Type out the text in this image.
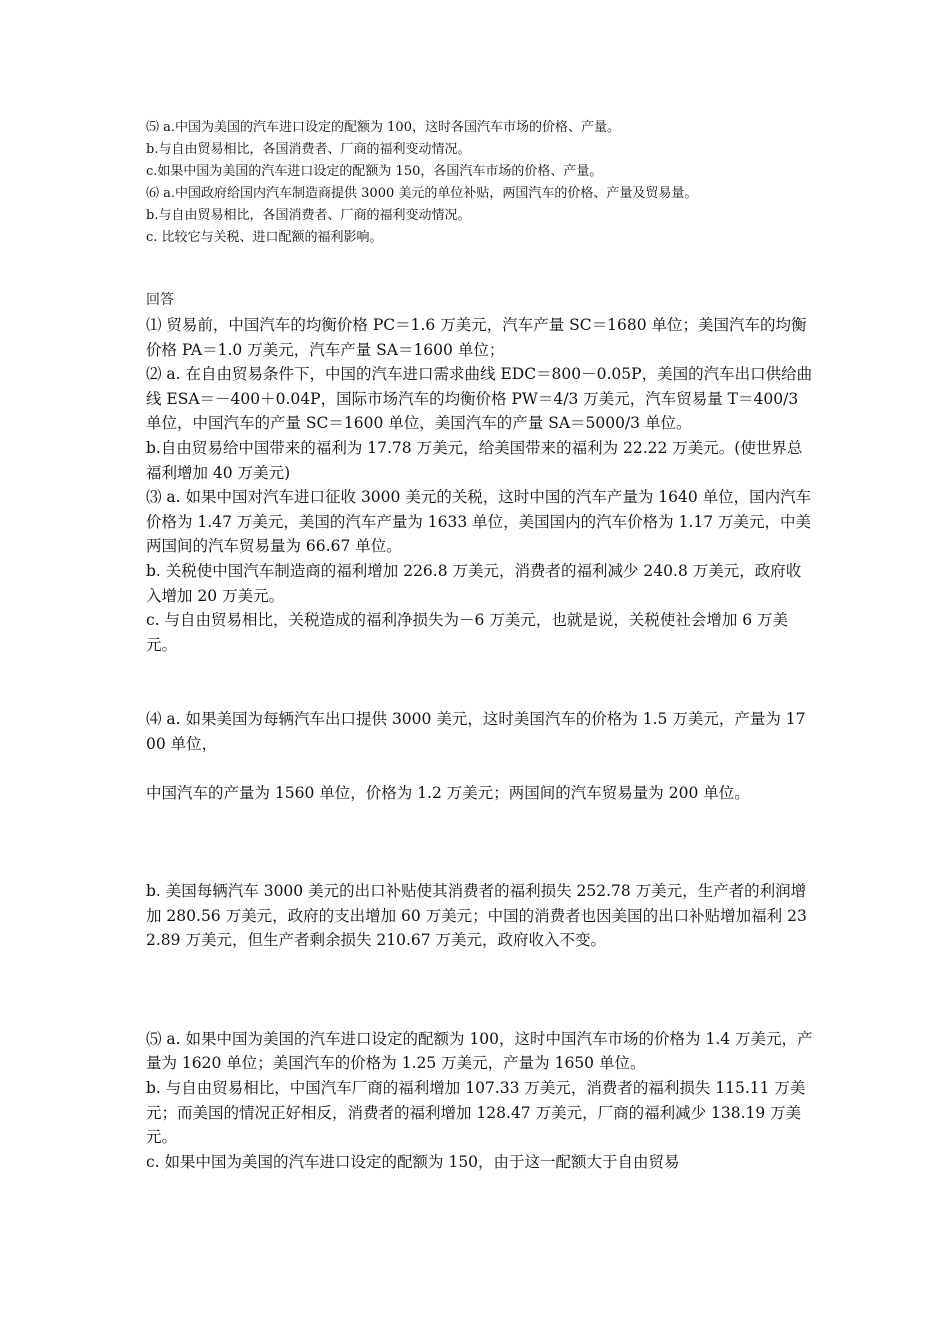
⑸ a.中国为美国的汽车进口设定的配额为 100，这时各国汽车市场的价格、产量。
b.与自由贸易相比，各国消费者、厂商的福利变动情况。
c.如果中国为美国的汽车进口设定的配额为 150，各国汽车市场的价格、产量。
⑹ a.中国政府给国内汽车制造商提供 3000 美元的单位补贴，两国汽车的价格、产量及贸易量。
b.与自由贸易相比，各国消费者、厂商的福利变动情况。
c. 比较它与关税、进口配额的福利影响。
回答

⑴ 贸易前，中国汽车的均衡价格 PC＝1.6 万美元，汽车产量 SC＝1680 单位；美国汽车的均衡价格 PA＝1.0 万美元，汽车产量 SA＝1600 单位；

⑵ a. 在自由贸易条件下，中国的汽车进口需求曲线 EDC＝800－0.05P，美国的汽车出口供给曲线 ESA＝－400＋0.04P，国际市场汽车的均衡价格 PW＝4/3 万美元，汽车贸易量 T＝400/3 单位，中国汽车的产量 SC＝1600 单位，美国汽车的产量 SA＝5000/3 单位。

b.自由贸易给中国带来的福利为 17.78 万美元，给美国带来的福利为 22.22 万美元。(使世界总福利增加 40 万美元)

⑶ a. 如果中国对汽车进口征收 3000 美元的关税，这时中国的汽车产量为 1640 单位，国内汽车价格为 1.47 万美元，美国的汽车产量为 1633 单位，美国国内的汽车价格为 1.17 万美元，中美两国间的汽车贸易量为 66.67 单位。

b. 关税使中国汽车制造商的福利增加 226.8 万美元，消费者的福利减少 240.8 万美元，政府收入增加 20 万美元。

c. 与自由贸易相比，关税造成的福利净损失为－6 万美元，也就是说，关税使社会增加 6 万美元。

⑷ a. 如果美国为每辆汽车出口提供 3000 美元，这时美国汽车的价格为 1.5 万美元，产量为 1700 单位，

中国汽车的产量为 1560 单位，价格为 1.2 万美元；两国间的汽车贸易量为 200 单位。

b. 美国每辆汽车 3000 美元的出口补贴使其消费者的福利损失 252.78 万美元，生产者的利润增加 280.56 万美元，政府的支出增加 60 万美元；中国的消费者也因美国的出口补贴增加福利 232.89 万美元，但生产者剩余损失 210.67 万美元，政府收入不变。

⑸ a. 如果中国为美国的汽车进口设定的配额为 100，这时中国汽车市场的价格为 1.4 万美元，产量为 1620 单位；美国汽车的价格为 1.25 万美元，产量为 1650 单位。

b. 与自由贸易相比，中国汽车厂商的福利增加 107.33 万美元，消费者的福利损失 115.11 万美元；而美国的情况正好相反，消费者的福利增加 128.47 万美元，厂商的福利减少 138.19 万美元。

c. 如果中国为美国的汽车进口设定的配额为 150，由于这一配额大于自由贸易
